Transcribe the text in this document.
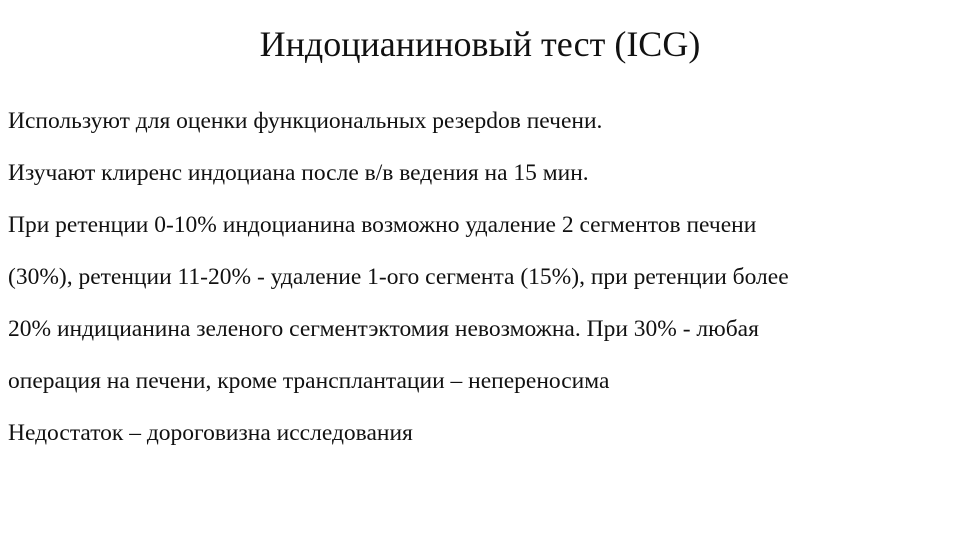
Индоцианиновый тест (ICG)

Используют для оценки функциональных резерdов печени.

Изучают клиренс индоциана после в/в ведения на 15 мин.

При ретенции 0-10% индоцианина возможно удаление 2 сегментов печени
(30%), ретенции 11-20% - удаление 1-ого сегмента (15%), при ретенции более
20% индицианина зеленого сегментэктомия невозможна. При 30% - любая
операция на печени, кроме трансплантации – непереносима

Недостаток – дороговизна исследования
